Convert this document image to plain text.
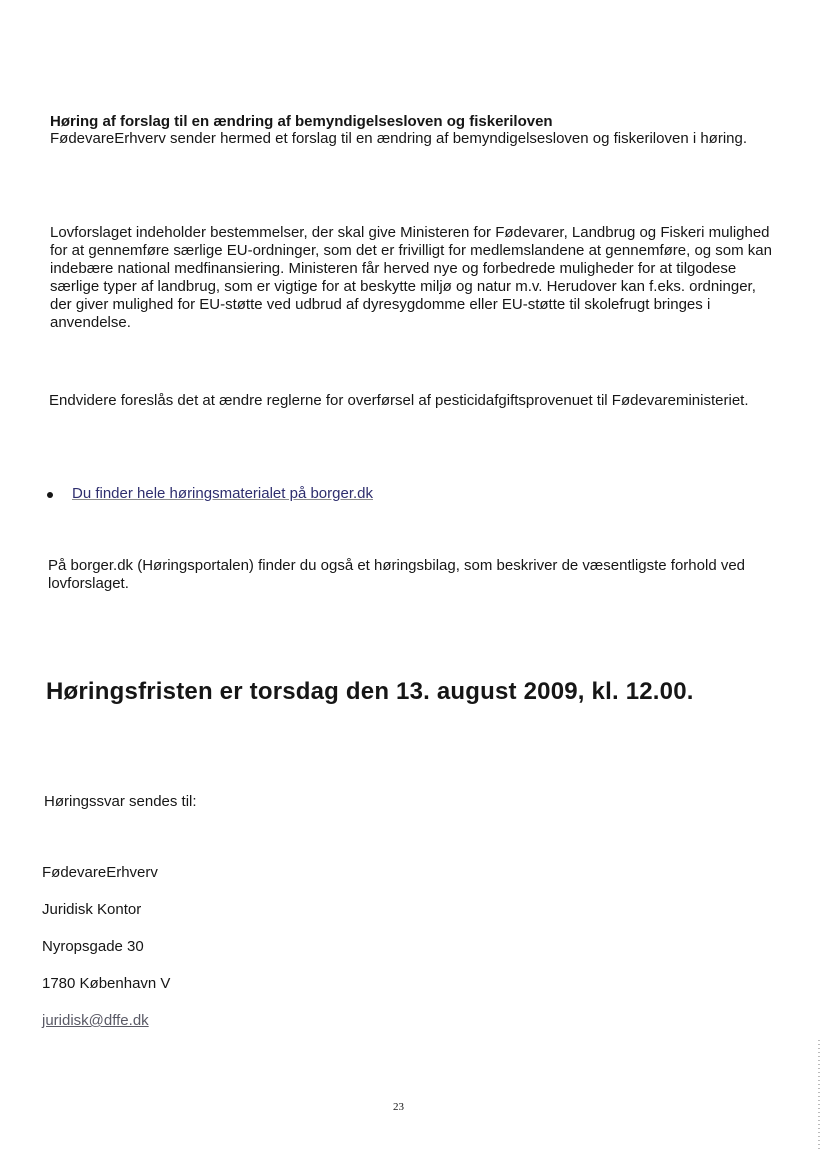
Høring af forslag til en ændring af bemyndigelsesloven og fiskeriloven

FødevareErhverv sender hermed et forslag til en ændring af bemyndigelsesloven og fiskeriloven i høring.

Lovforslaget indeholder bestemmelser, der skal give Ministeren for Fødevarer, Landbrug og Fiskeri mulighed for at gennemføre særlige EU-ordninger, som det er frivilligt for medlemslandene at gennemføre, og som kan indebære national medfinansiering. Ministeren får herved nye og forbedrede muligheder for at tilgodese særlige typer af landbrug, som er vigtige for at beskytte miljø og natur m.v. Herudover kan f.eks. ordninger, der giver mulighed for EU-støtte ved udbrud af dyresygdomme eller EU-støtte til skolefrugt bringes i anvendelse.

Endvidere foreslås det at ændre reglerne for overførsel af pesticidafgiftsprovenuet til Fødevareministeriet.

Du finder hele høringsmaterialet på borger.dk

På borger.dk (Høringsportalen) finder du også et høringsbilag, som beskriver de væsentligste forhold ved lovforslaget.

Høringsfristen er torsdag den 13. august 2009, kl. 12.00.

Høringssvar sendes til:

FødevareErhverv

Juridisk Kontor

Nyropsgade 30

1780 København V

juridisk@dffe.dk

23
